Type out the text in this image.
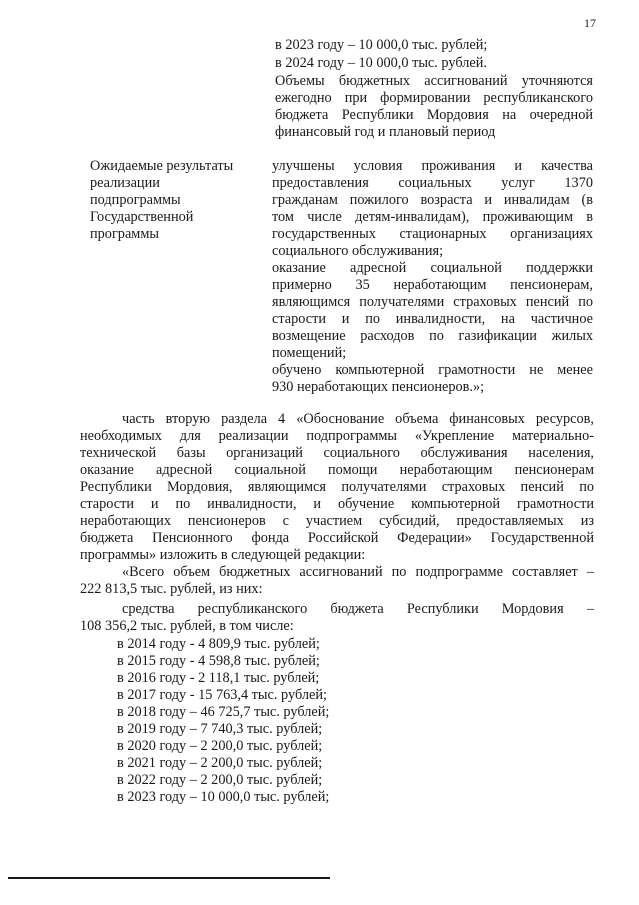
17
в 2023 году – 10 000,0 тыс. рублей;
в 2024 году – 10 000,0 тыс. рублей.
Объемы бюджетных ассигнований уточняются
ежегодно при формировании республиканского
бюджета Республики Мордовия на очередной
финансовый год и плановый период
Ожидаемые результаты
реализации
подпрограммы
Государственной
программы
улучшены условия проживания и качества
предоставления социальных услуг 1370
гражданам пожилого возраста и инвалидам (в
том числе детям-инвалидам), проживающим в
государственных стационарных организациях
социального обслуживания;
оказание адресной социальной поддержки
примерно 35 неработающим пенсионерам,
являющимся получателями страховых пенсий по
старости и по инвалидности, на частичное
возмещение расходов по газификации жилых
помещений;
обучено компьютерной грамотности не менее
930 неработающих пенсионеров.»;
часть вторую раздела 4 «Обоснование объема финансовых ресурсов,
необходимых для реализации подпрограммы «Укрепление материально-
технической базы организаций социального обслуживания населения,
оказание адресной социальной помощи неработающим пенсионерам
Республики Мордовия, являющимся получателями страховых пенсий по
старости и по инвалидности, и обучение компьютерной грамотности
неработающих пенсионеров с участием субсидий, предоставляемых из
бюджета Пенсионного фонда Российской Федерации» Государственной
программы» изложить в следующей редакции:
«Всего объем бюджетных ассигнований по подпрограмме составляет –
222 813,5 тыс. рублей, из них:
средства республиканского бюджета Республики Мордовия –
108 356,2 тыс. рублей, в том числе:
в 2014 году - 4 809,9 тыс. рублей;
в 2015 году - 4 598,8 тыс. рублей;
в 2016 году - 2 118,1 тыс. рублей;
в 2017 году - 15 763,4 тыс. рублей;
в 2018 году – 46 725,7 тыс. рублей;
в 2019 году – 7 740,3 тыс. рублей;
в 2020 году – 2 200,0 тыс. рублей;
в 2021 году – 2 200,0 тыс. рублей;
в 2022 году – 2 200,0 тыс. рублей;
в 2023 году – 10 000,0 тыс. рублей;
